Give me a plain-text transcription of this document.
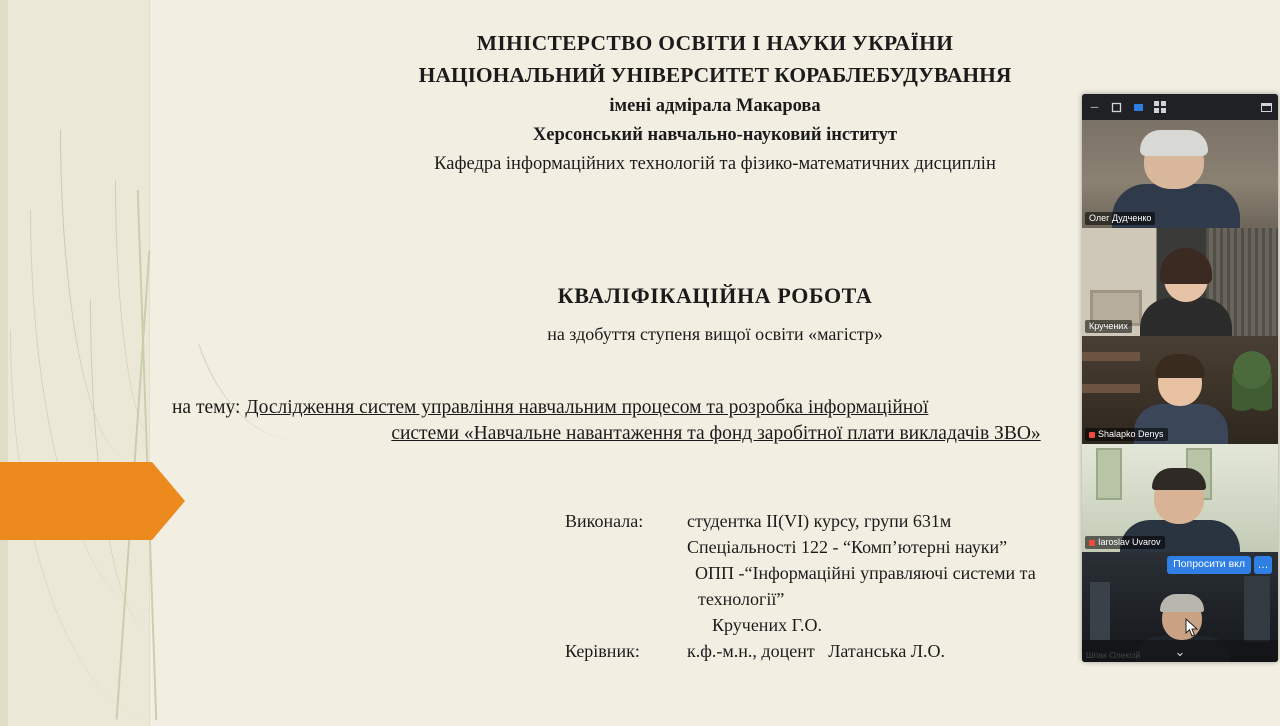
МІНІСТЕРСТВО ОСВІТИ І НАУКИ УКРАЇНИ
НАЦІОНАЛЬНИЙ УНІВЕРСИТЕТ КОРАБЛЕБУДУВАННЯ
імені адмірала Макарова
Херсонський навчально-науковий інститут
Кафедра інформаційних технологій та фізико-математичних дисциплін
КВАЛІФІКАЦІЙНА РОБОТА
на здобуття ступеня вищої освіти «магістр»
на тему: Дослідження систем управління навчальним процесом та розробка інформаційної
системи «Навчальне навантаження та фонд заробітної плати викладачів ЗВО»
Виконала:	студентка ІІ(VI) курсу, групи 631м
Спеціальності 122 - “Комп’ютерні науки”
ОПП -“Інформаційні управляючі системи та
технології”
Кручених Г.О.
Керівник:	к.ф.-м.н., доцент   Латанська Л.О.
–
Олег Дудченко
Кручених
Shalapko Denys
Iaroslav Uvarov
Попросити вкл	…
⌄
